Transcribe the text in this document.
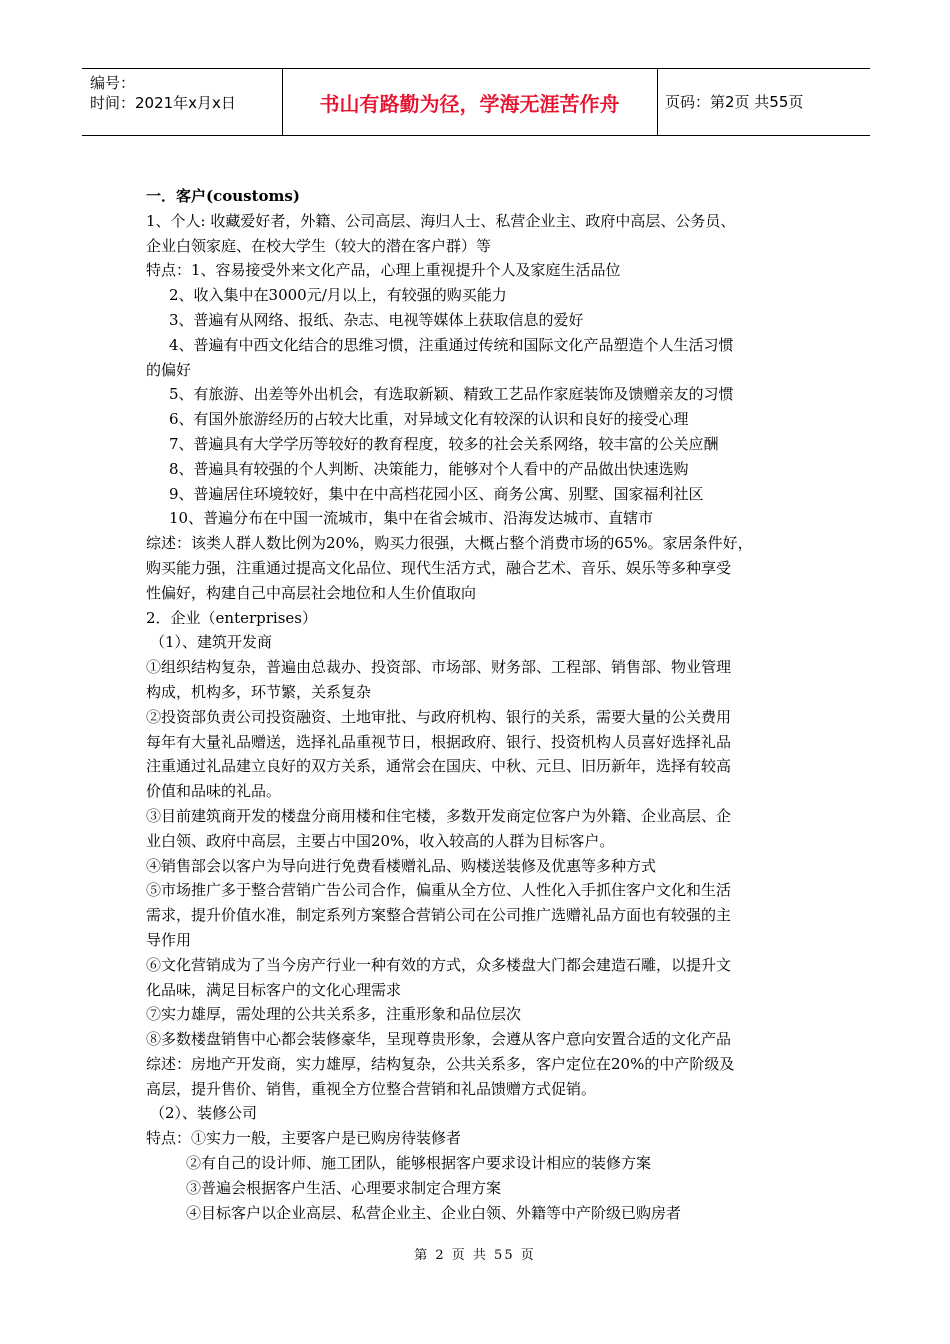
编号：
时间：2021年x月x日	书山有路勤为径，学海无涯苦作舟	页码：第2页 共55页
一．客户(coustoms)
1、个人: 收藏爱好者，外籍、公司高层、海归人士、私营企业主、政府中高层、公务员、
企业白领家庭、在校大学生（较大的潜在客户群）等
特点：1、容易接受外来文化产品，心理上重视提升个人及家庭生活品位
2、收入集中在3000元/月以上，有较强的购买能力
3、普遍有从网络、报纸、杂志、电视等媒体上获取信息的爱好
4、普遍有中西文化结合的思维习惯，注重通过传统和国际文化产品塑造个人生活习惯
的偏好
5、有旅游、出差等外出机会，有选取新颖、精致工艺品作家庭装饰及馈赠亲友的习惯
6、有国外旅游经历的占较大比重，对异域文化有较深的认识和良好的接受心理
7、普遍具有大学学历等较好的教育程度，较多的社会关系网络，较丰富的公关应酬
8、普遍具有较强的个人判断、决策能力，能够对个人看中的产品做出快速选购
9、普遍居住环境较好，集中在中高档花园小区、商务公寓、别墅、国家福利社区
10、普遍分布在中国一流城市，集中在省会城市、沿海发达城市、直辖市
综述：该类人群人数比例为20%，购买力很强，大概占整个消费市场的65%。家居条件好，
购买能力强，注重通过提高文化品位、现代生活方式，融合艺术、音乐、娱乐等多种享受
性偏好，构建自己中高层社会地位和人生价值取向
2．企业（enterprises）
（1）、建筑开发商
①组织结构复杂，普遍由总裁办、投资部、市场部、财务部、工程部、销售部、物业管理
构成，机构多，环节繁，关系复杂
②投资部负责公司投资融资、土地审批、与政府机构、银行的关系，需要大量的公关费用
每年有大量礼品赠送，选择礼品重视节日，根据政府、银行、投资机构人员喜好选择礼品
注重通过礼品建立良好的双方关系，通常会在国庆、中秋、元旦、旧历新年，选择有较高
价值和品味的礼品。
③目前建筑商开发的楼盘分商用楼和住宅楼，多数开发商定位客户为外籍、企业高层、企
业白领、政府中高层，主要占中国20%，收入较高的人群为目标客户。
④销售部会以客户为导向进行免费看楼赠礼品、购楼送装修及优惠等多种方式
⑤市场推广多于整合营销广告公司合作，偏重从全方位、人性化入手抓住客户文化和生活
需求，提升价值水准，制定系列方案整合营销公司在公司推广选赠礼品方面也有较强的主
导作用
⑥文化营销成为了当今房产行业一种有效的方式，众多楼盘大门都会建造石雕，以提升文
化品味，满足目标客户的文化心理需求
⑦实力雄厚，需处理的公共关系多，注重形象和品位层次
⑧多数楼盘销售中心都会装修豪华，呈现尊贵形象，会遵从客户意向安置合适的文化产品
综述：房地产开发商，实力雄厚，结构复杂，公共关系多，客户定位在20%的中产阶级及
高层，提升售价、销售，重视全方位整合营销和礼品馈赠方式促销。
（2）、装修公司
特点：①实力一般，主要客户是已购房待装修者
②有自己的设计师、施工团队，能够根据客户要求设计相应的装修方案
③普遍会根据客户生活、心理要求制定合理方案
④目标客户以企业高层、私营企业主、企业白领、外籍等中产阶级已购房者
第 2 页 共 55 页
